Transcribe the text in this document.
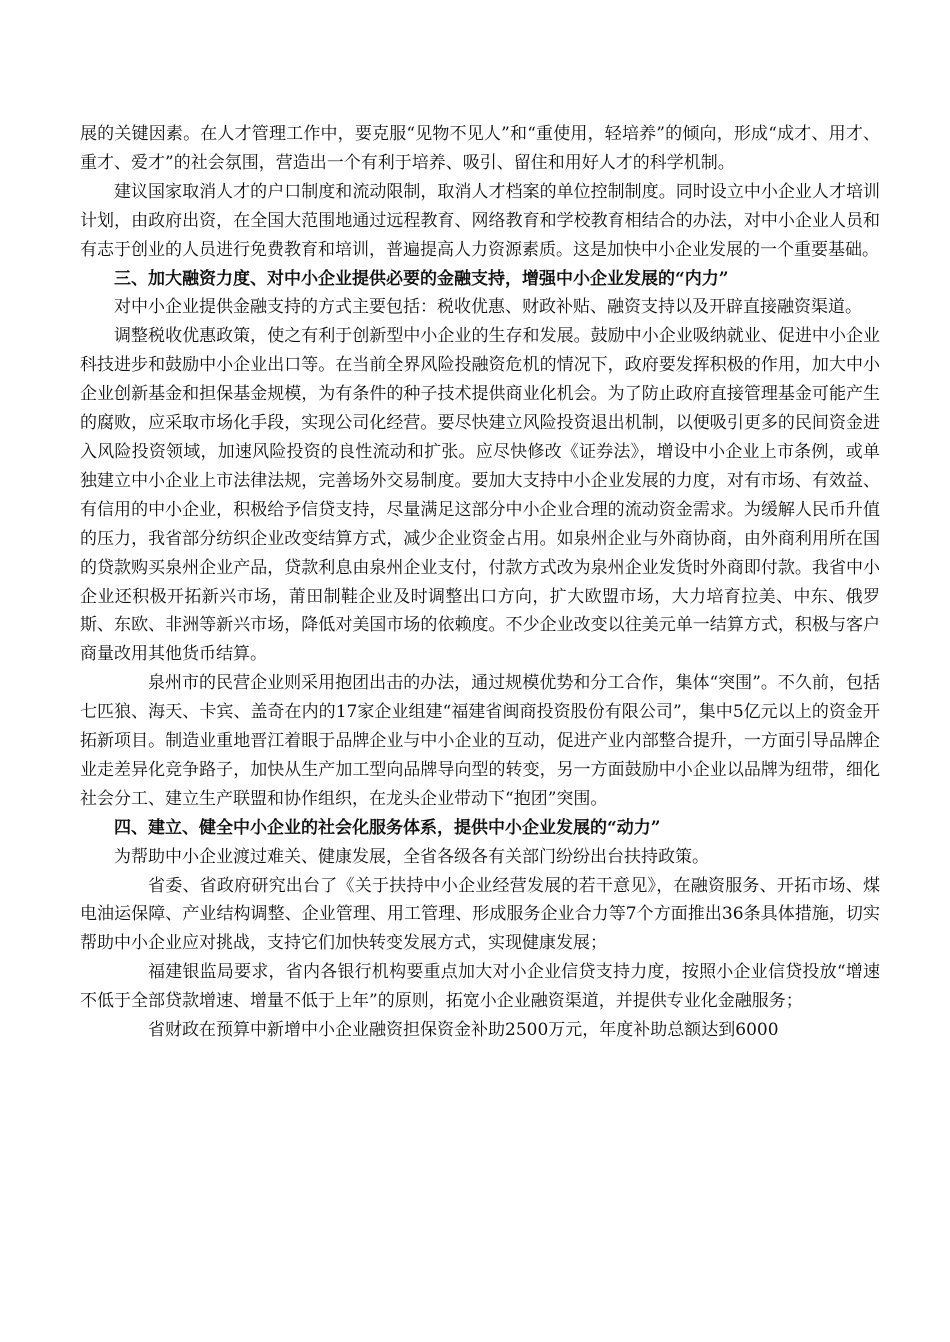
展的关键因素。在人才管理工作中，要克服“见物不见人”和“重使用，轻培养”的倾向，形成“成才、用才、重才、爱才”的社会氛围，营造出一个有利于培养、吸引、留住和用好人才的科学机制。

建议国家取消人才的户口制度和流动限制，取消人才档案的单位控制制度。同时设立中小企业人才培训计划，由政府出资，在全国大范围地通过远程教育、网络教育和学校教育相结合的办法，对中小企业人员和有志于创业的人员进行免费教育和培训，普遍提高人力资源素质。这是加快中小企业发展的一个重要基础。

三、加大融资力度、对中小企业提供必要的金融支持，增强中小企业发展的“内力”

对中小企业提供金融支持的方式主要包括：税收优惠、财政补贴、融资支持以及开辟直接融资渠道。

调整税收优惠政策，使之有利于创新型中小企业的生存和发展。鼓励中小企业吸纳就业、促进中小企业科技进步和鼓励中小企业出口等。在当前全界风险投融资危机的情况下，政府要发挥积极的作用，加大中小企业创新基金和担保基金规模，为有条件的种子技术提供商业化机会。为了防止政府直接管理基金可能产生的腐败，应采取市场化手段，实现公司化经营。要尽快建立风险投资退出机制，以便吸引更多的民间资金进入风险投资领域，加速风险投资的良性流动和扩张。应尽快修改《证券法》，增设中小企业上市条例，或单独建立中小企业上市法律法规，完善场外交易制度。要加大支持中小企业发展的力度，对有市场、有效益、有信用的中小企业，积极给予信贷支持，尽量满足这部分中小企业合理的流动资金需求。为缓解人民币升值的压力，我省部分纺织企业改变结算方式，减少企业资金占用。如泉州企业与外商协商，由外商利用所在国的贷款购买泉州企业产品，贷款利息由泉州企业支付，付款方式改为泉州企业发货时外商即付款。我省中小企业还积极开拓新兴市场，莆田制鞋企业及时调整出口方向，扩大欧盟市场，大力培育拉美、中东、俄罗斯、东欧、非洲等新兴市场，降低对美国市场的依赖度。不少企业改变以往美元单一结算方式，积极与客户商量改用其他货币结算。

泉州市的民营企业则采用抱团出击的办法，通过规模优势和分工合作，集体“突围”。不久前，包括七匹狼、海天、卡宾、盖奇在内的17家企业组建“福建省闽商投资股份有限公司”，集中5亿元以上的资金开拓新项目。制造业重地晋江着眼于品牌企业与中小企业的互动，促进产业内部整合提升，一方面引导品牌企业走差异化竞争路子，加快从生产加工型向品牌导向型的转变，另一方面鼓励中小企业以品牌为纽带，细化社会分工、建立生产联盟和协作组织，在龙头企业带动下“抱团”突围。

四、建立、健全中小企业的社会化服务体系，提供中小企业发展的“动力”

为帮助中小企业渡过难关、健康发展，全省各级各有关部门纷纷出台扶持政策。

省委、省政府研究出台了《关于扶持中小企业经营发展的若干意见》，在融资服务、开拓市场、煤电油运保障、产业结构调整、企业管理、用工管理、形成服务企业合力等7个方面推出36条具体措施，切实帮助中小企业应对挑战，支持它们加快转变发展方式，实现健康发展；

福建银监局要求，省内各银行机构要重点加大对小企业信贷支持力度，按照小企业信贷投放“增速不低于全部贷款增速、增量不低于上年”的原则，拓宽小企业融资渠道，并提供专业化金融服务；

省财政在预算中新增中小企业融资担保资金补助2500万元，年度补助总额达到6000
